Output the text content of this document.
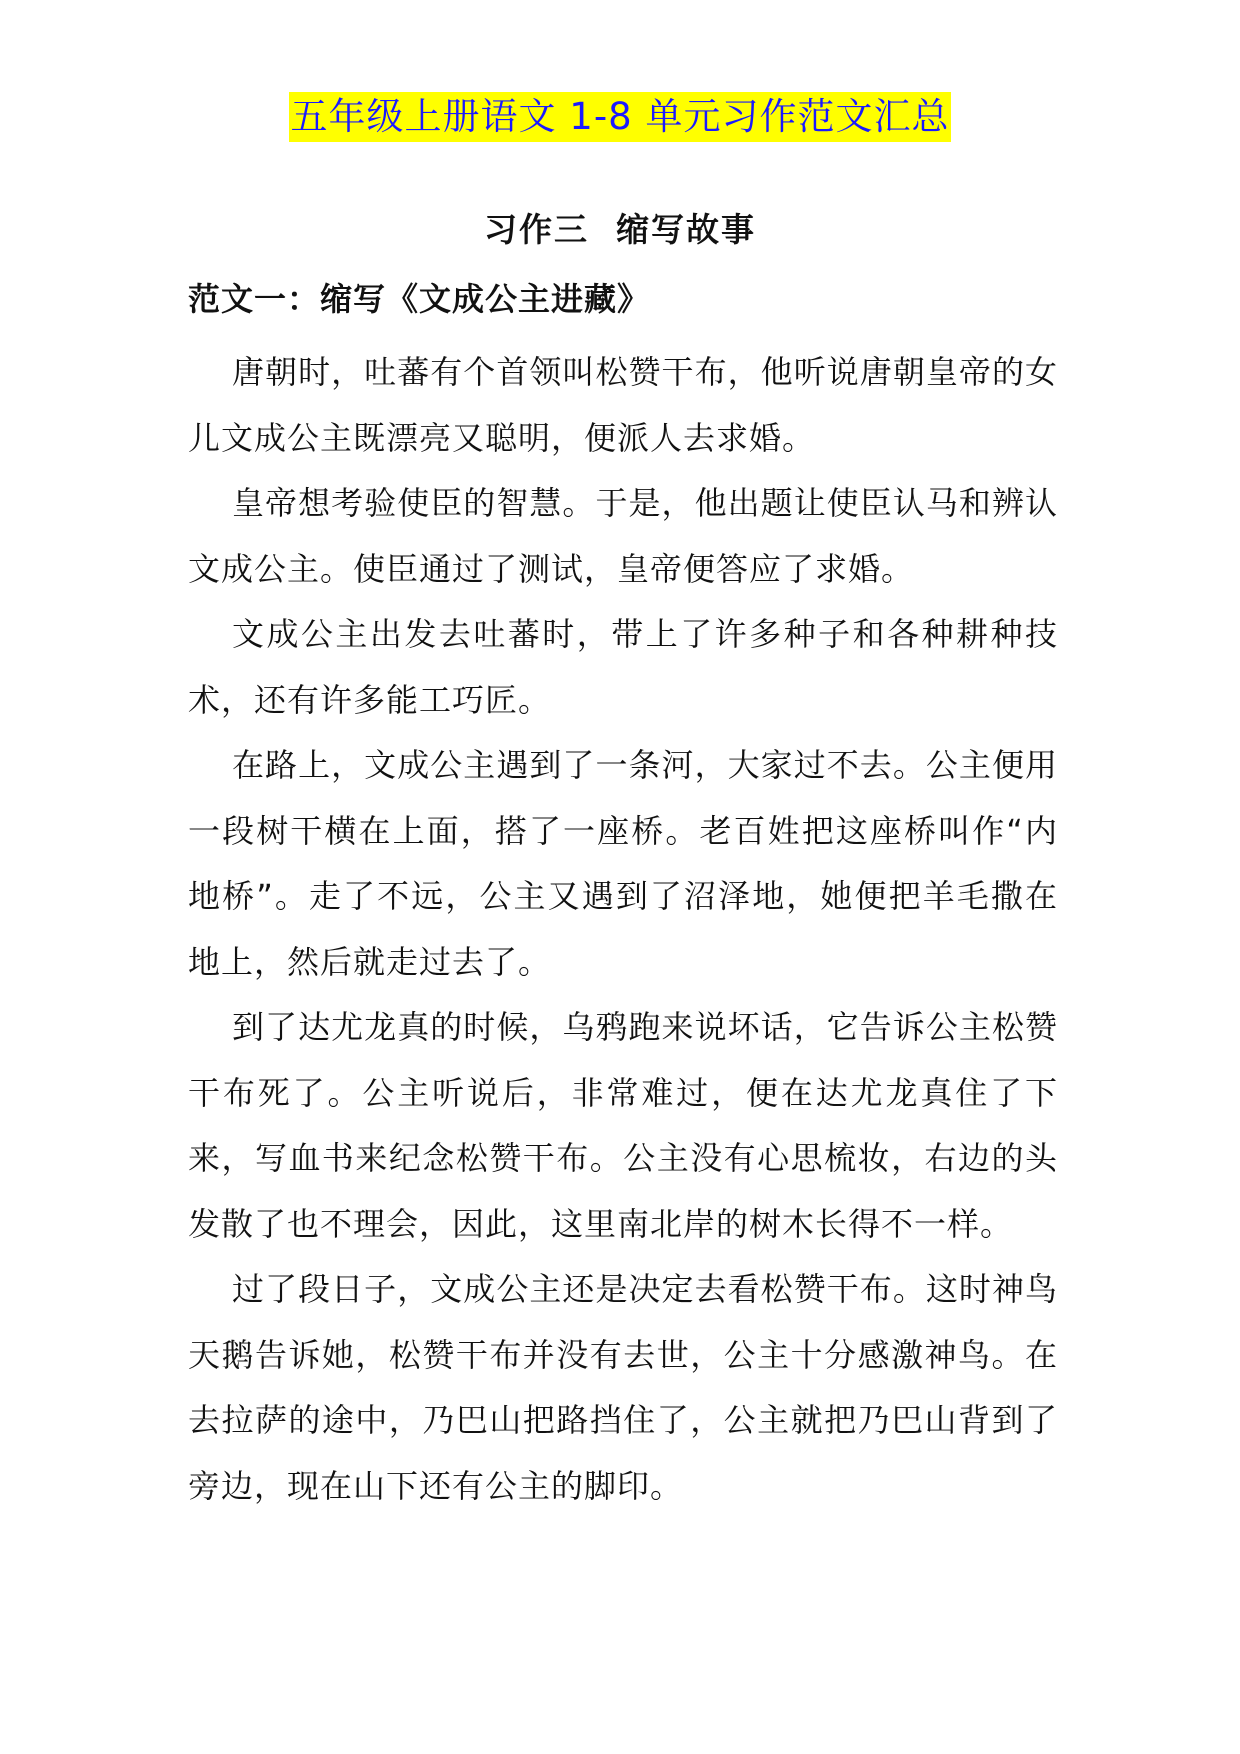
五年级上册语文 1-8 单元习作范文汇总
习作三  缩写故事
范文一：缩写《文成公主进藏》

唐朝时，吐蕃有个首领叫松赞干布，他听说唐朝皇帝的女儿文成公主既漂亮又聪明，便派人去求婚。

皇帝想考验使臣的智慧。于是，他出题让使臣认马和辨认文成公主。使臣通过了测试，皇帝便答应了求婚。

文成公主出发去吐蕃时，带上了许多种子和各种耕种技术，还有许多能工巧匠。

在路上，文成公主遇到了一条河，大家过不去。公主便用一段树干横在上面，搭了一座桥。老百姓把这座桥叫作“内地桥”。走了不远，公主又遇到了沼泽地，她便把羊毛撒在地上，然后就走过去了。

到了达尤龙真的时候，乌鸦跑来说坏话，它告诉公主松赞干布死了。公主听说后，非常难过，便在达尤龙真住了下来，写血书来纪念松赞干布。公主没有心思梳妆，右边的头发散了也不理会，因此，这里南北岸的树木长得不一样。

过了段日子，文成公主还是决定去看松赞干布。这时神鸟天鹅告诉她，松赞干布并没有去世，公主十分感激神鸟。在去拉萨的途中，乃巴山把路挡住了，公主就把乃巴山背到了旁边，现在山下还有公主的脚印。
